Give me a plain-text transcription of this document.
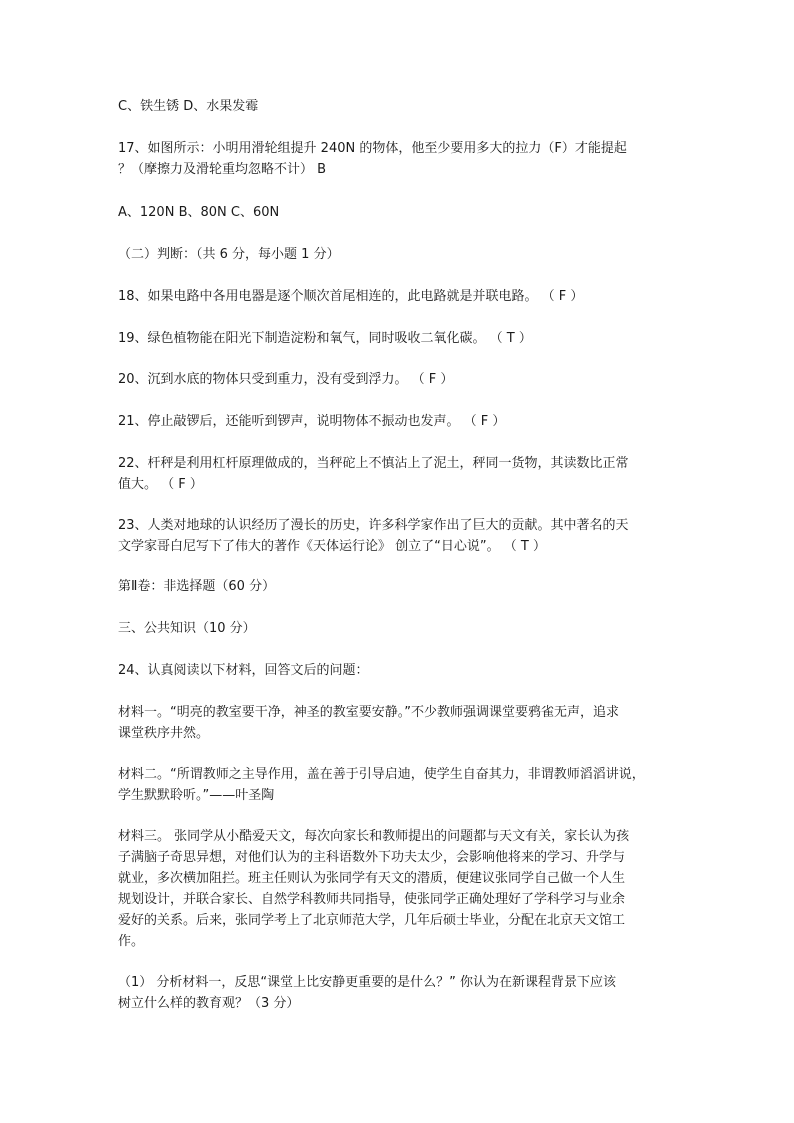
C、铁生锈 D、水果发霉

17、如图所示：小明用滑轮组提升 240N 的物体，他至少要用多大的拉力（F）才能提起
？（摩擦力及滑轮重均忽略不计） B

A、120N B、80N C、60N

（二）判断：（共 6 分，每小题 1 分）

18、如果电路中各用电器是逐个顺次首尾相连的，此电路就是并联电路。 （ F ）

19、绿色植物能在阳光下制造淀粉和氧气，同时吸收二氧化碳。 （ T ）

20、沉到水底的物体只受到重力，没有受到浮力。 （ F ）

21、停止敲锣后，还能听到锣声，说明物体不振动也发声。 （ F ）

22、杆秤是利用杠杆原理做成的，当秤砣上不慎沾上了泥土，秤同一货物，其读数比正常
值大。 （ F ）

23、人类对地球的认识经历了漫长的历史，许多科学家作出了巨大的贡献。其中著名的天
文学家哥白尼写下了伟大的著作《天体运行论》 创立了“日心说”。 （ T ）

第Ⅱ卷：非选择题（60 分）

三、公共知识（10 分）

24、认真阅读以下材料，回答文后的问题：

材料一。“明亮的教室要干净，神圣的教室要安静。”不少教师强调课堂要鸦雀无声，追求
课堂秩序井然。

材料二。“所谓教师之主导作用，盖在善于引导启迪，使学生自奋其力，非谓教师滔滔讲说，
学生默默聆听。”——叶圣陶

材料三。 张同学从小酷爱天文，每次向家长和教师提出的问题都与天文有关，家长认为孩
子满脑子奇思异想，对他们认为的主科语数外下功夫太少，会影响他将来的学习、升学与
就业，多次横加阻拦。班主任则认为张同学有天文的潜质，便建议张同学自己做一个人生
规划设计，并联合家长、自然学科教师共同指导，使张同学正确处理好了学科学习与业余
爱好的关系。后来，张同学考上了北京师范大学，几年后硕士毕业，分配在北京天文馆工
作。

（1） 分析材料一，反思“课堂上比安静更重要的是什么？” 你认为在新课程背景下应该
树立什么样的教育观？（3 分）
